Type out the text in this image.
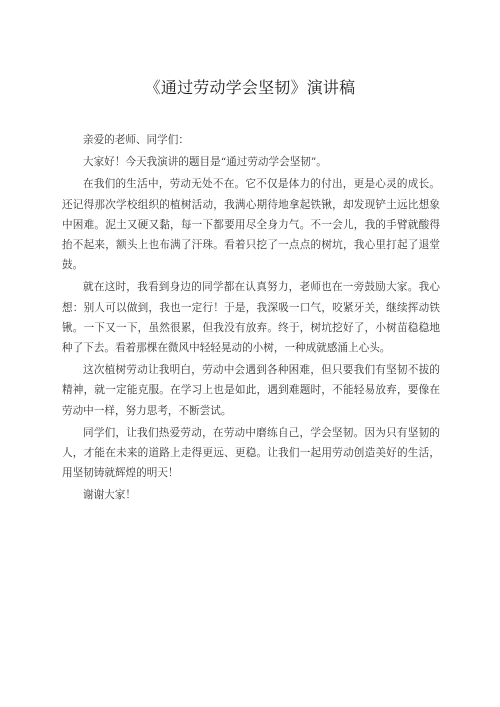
《通过劳动学会坚韧》演讲稿

亲爱的老师、同学们：

大家好！今天我演讲的题目是“通过劳动学会坚韧”。

在我们的生活中，劳动无处不在。它不仅是体力的付出，更是心灵的成长。还记得那次学校组织的植树活动，我满心期待地拿起铁锹，却发现铲土远比想象中困难。泥土又硬又黏，每一下都要用尽全身力气。不一会儿，我的手臂就酸得抬不起来，额头上也布满了汗珠。看着只挖了一点点的树坑，我心里打起了退堂鼓。

就在这时，我看到身边的同学都在认真努力，老师也在一旁鼓励大家。我心想：别人可以做到，我也一定行！于是，我深吸一口气，咬紧牙关，继续挥动铁锹。一下又一下，虽然很累，但我没有放弃。终于，树坑挖好了，小树苗稳稳地种了下去。看着那棵在微风中轻轻晃动的小树，一种成就感涌上心头。

这次植树劳动让我明白，劳动中会遇到各种困难，但只要我们有坚韧不拔的精神，就一定能克服。在学习上也是如此，遇到难题时，不能轻易放弃，要像在劳动中一样，努力思考，不断尝试。

同学们，让我们热爱劳动，在劳动中磨练自己，学会坚韧。因为只有坚韧的人，才能在未来的道路上走得更远、更稳。让我们一起用劳动创造美好的生活，用坚韧铸就辉煌的明天！

谢谢大家！
